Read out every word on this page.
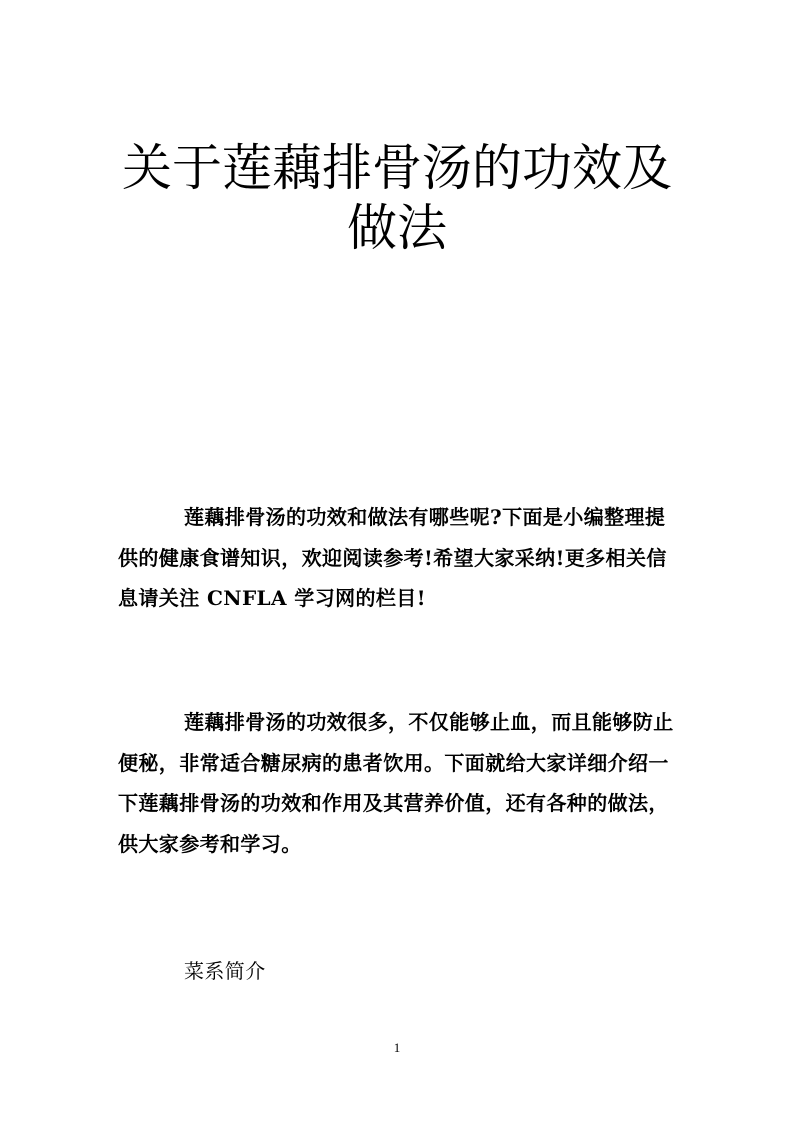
关于莲藕排骨汤的功效及
做法

莲藕排骨汤的功效和做法有哪些呢?下面是小编整理提供的健康食谱知识，欢迎阅读参考!希望大家采纳!更多相关信息请关注 CNFLA 学习网的栏目!

莲藕排骨汤的功效很多，不仅能够止血，而且能够防止便秘，非常适合糖尿病的患者饮用。下面就给大家详细介绍一下莲藕排骨汤的功效和作用及其营养价值，还有各种的做法，供大家参考和学习。

菜系简介

1
